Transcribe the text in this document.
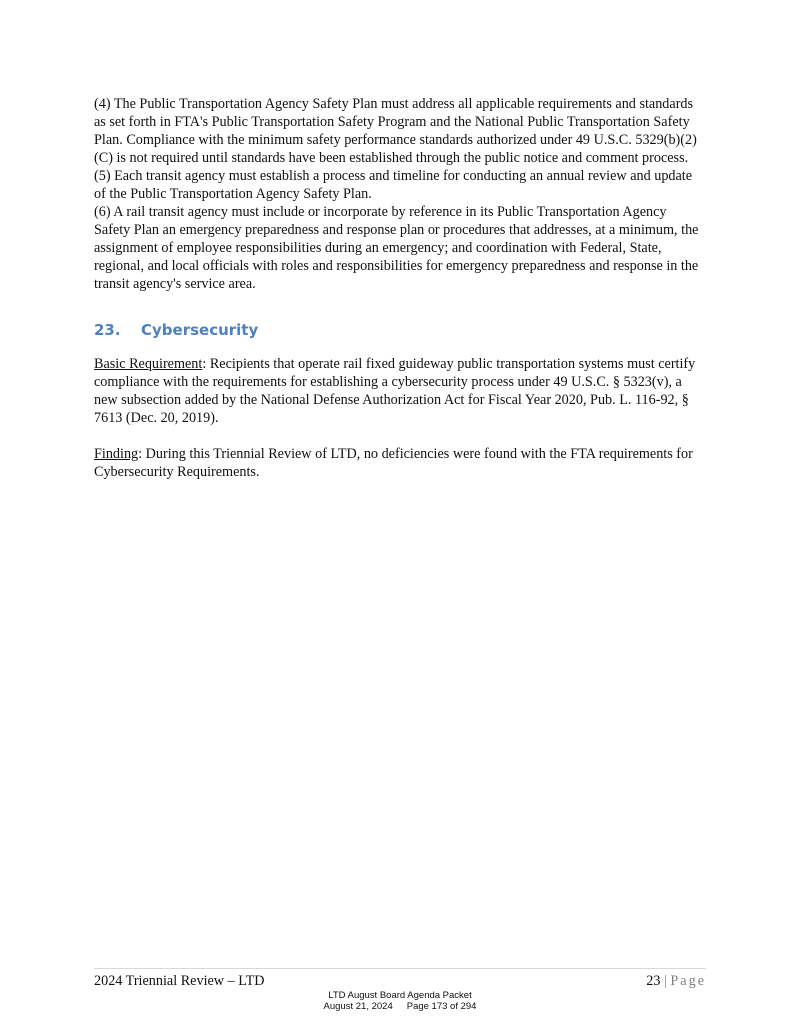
(4) The Public Transportation Agency Safety Plan must address all applicable requirements and standards as set forth in FTA's Public Transportation Safety Program and the National Public Transportation Safety Plan. Compliance with the minimum safety performance standards authorized under 49 U.S.C. 5329(b)(2)(C) is not required until standards have been established through the public notice and comment process.

(5) Each transit agency must establish a process and timeline for conducting an annual review and update of the Public Transportation Agency Safety Plan.

(6) A rail transit agency must include or incorporate by reference in its Public Transportation Agency Safety Plan an emergency preparedness and response plan or procedures that addresses, at a minimum, the assignment of employee responsibilities during an emergency; and coordination with Federal, State, regional, and local officials with roles and responsibilities for emergency preparedness and response in the transit agency's service area.

23. Cybersecurity

Basic Requirement: Recipients that operate rail fixed guideway public transportation systems must certify compliance with the requirements for establishing a cybersecurity process under 49 U.S.C. § 5323(v), a new subsection added by the National Defense Authorization Act for Fiscal Year 2020, Pub. L. 116-92, § 7613 (Dec. 20, 2019).

Finding: During this Triennial Review of LTD, no deficiencies were found with the FTA requirements for Cybersecurity Requirements.

2024 Triennial Review – LTD	23 | Page
LTD August Board Agenda Packet
August 21, 2024 Page 173 of 294
